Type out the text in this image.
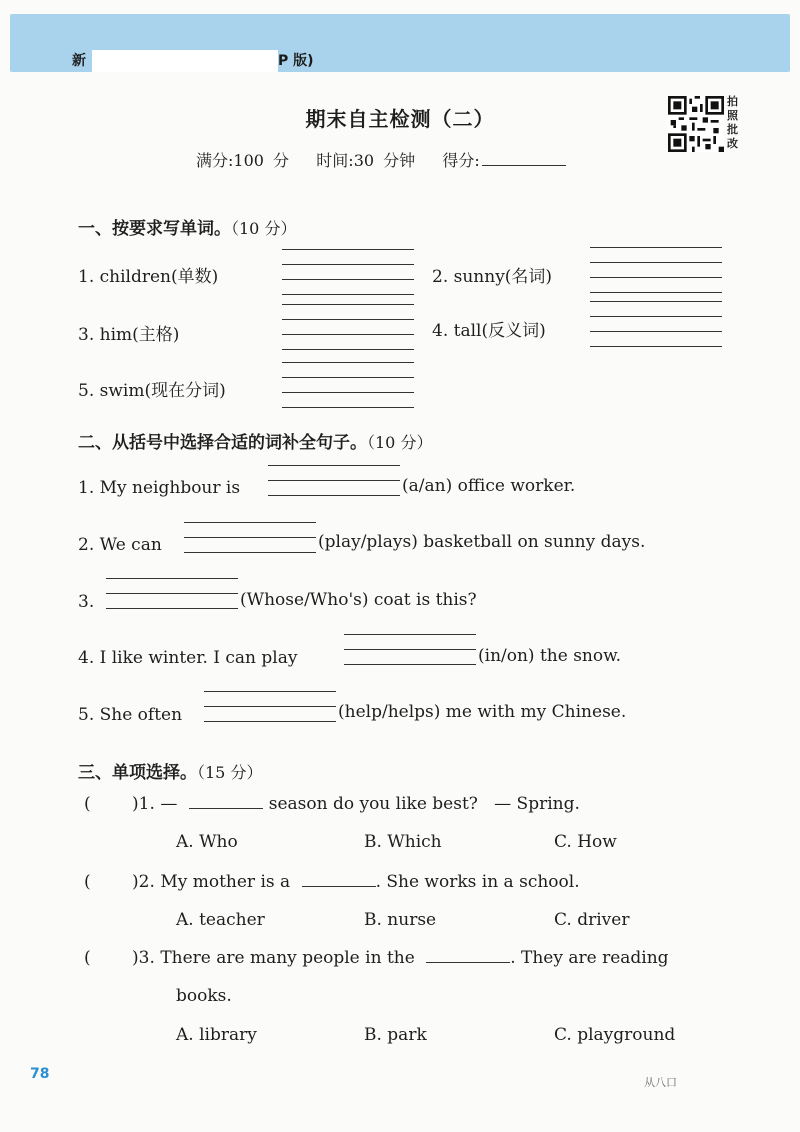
新	P 版)
期末自主检测（二）
拍照批改
满分:100 分 时间:30 分钟 得分:
一、按要求写单词。（10 分）
1. children(单数)	2. sunny(名词)
3. him(主格)	4. tall(反义词)
5. swim(现在分词)
二、从括号中选择合适的词补全句子。（10 分）
1. My neighbour is	(a/an) office worker.
2. We can	(play/plays) basketball on sunny days.
3.	(Whose/Who's) coat is this?
4. I like winter. I can play	(in/on) the snow.
5. She often	(help/helps) me with my Chinese.
三、单项选择。（15 分）
( )1. —	season do you like best? — Spring.
A. Who	B. Which	C. How
( )2. My mother is a	. She works in a school.
A. teacher	B. nurse	C. driver
( )3. There are many people in the	. They are reading
books.
A. library	B. park	C. playground
78
从八口
